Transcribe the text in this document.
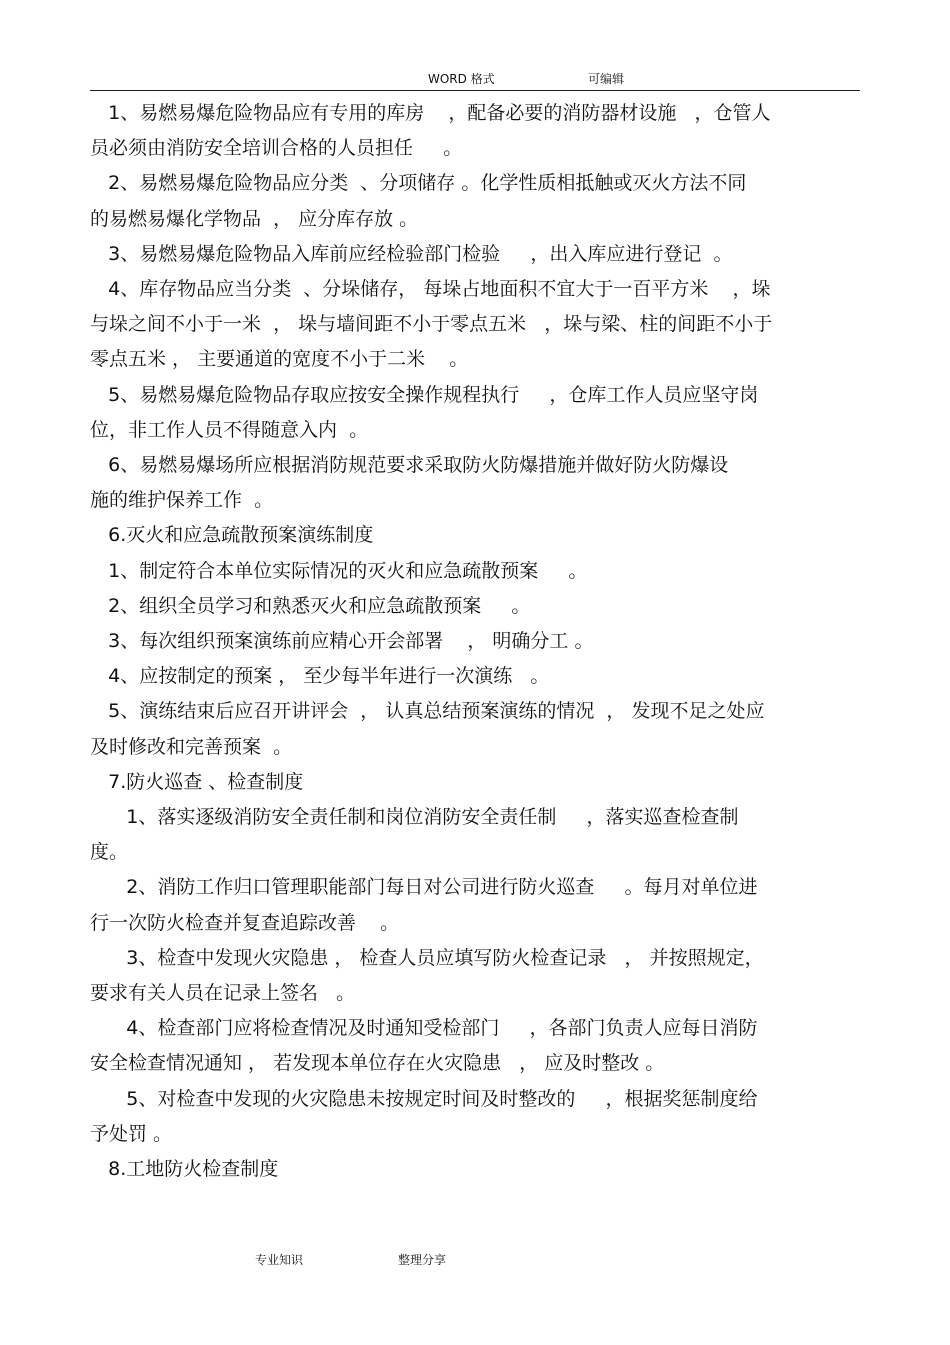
WORD 格式	可编辑
1、易燃易爆危险物品应有专用的库房    ，配备必要的消防器材设施   ，仓管人
员必须由消防安全培训合格的人员担任     。
2、易燃易爆危险物品应分类  、分项储存 。化学性质相抵触或灭火方法不同
的易燃易爆化学物品  ， 应分库存放 。
3、易燃易爆危险物品入库前应经检验部门检验     ，出入库应进行登记  。
4、库存物品应当分类  、分垛储存， 每垛占地面积不宜大于一百平方米    ，垛
与垛之间不小于一米  ， 垛与墙间距不小于零点五米   ，垛与梁、柱的间距不小于
零点五米 ， 主要通道的宽度不小于二米    。
5、易燃易爆危险物品存取应按安全操作规程执行     ，仓库工作人员应坚守岗
位，非工作人员不得随意入内  。
6、易燃易爆场所应根据消防规范要求采取防火防爆措施并做好防火防爆设
施的维护保养工作  。
6.灭火和应急疏散预案演练制度
1、制定符合本单位实际情况的灭火和应急疏散预案     。
2、组织全员学习和熟悉灭火和应急疏散预案     。
3、每次组织预案演练前应精心开会部署    ， 明确分工 。
4、应按制定的预案 ， 至少每半年进行一次演练   。
5、演练结束后应召开讲评会  ， 认真总结预案演练的情况  ， 发现不足之处应
及时修改和完善预案  。
7.防火巡查 、检查制度
1、落实逐级消防安全责任制和岗位消防安全责任制     ，落实巡查检查制
度。
2、消防工作归口管理职能部门每日对公司进行防火巡查     。每月对单位进
行一次防火检查并复查追踪改善    。
3、检查中发现火灾隐患 ， 检查人员应填写防火检查记录   ， 并按照规定，
要求有关人员在记录上签名   。
4、检查部门应将检查情况及时通知受检部门     ，各部门负责人应每日消防
安全检查情况通知 ， 若发现本单位存在火灾隐患   ， 应及时整改 。
5、对检查中发现的火灾隐患未按规定时间及时整改的     ，根据奖惩制度给
予处罚 。
8.工地防火检查制度
专业知识	整理分享
